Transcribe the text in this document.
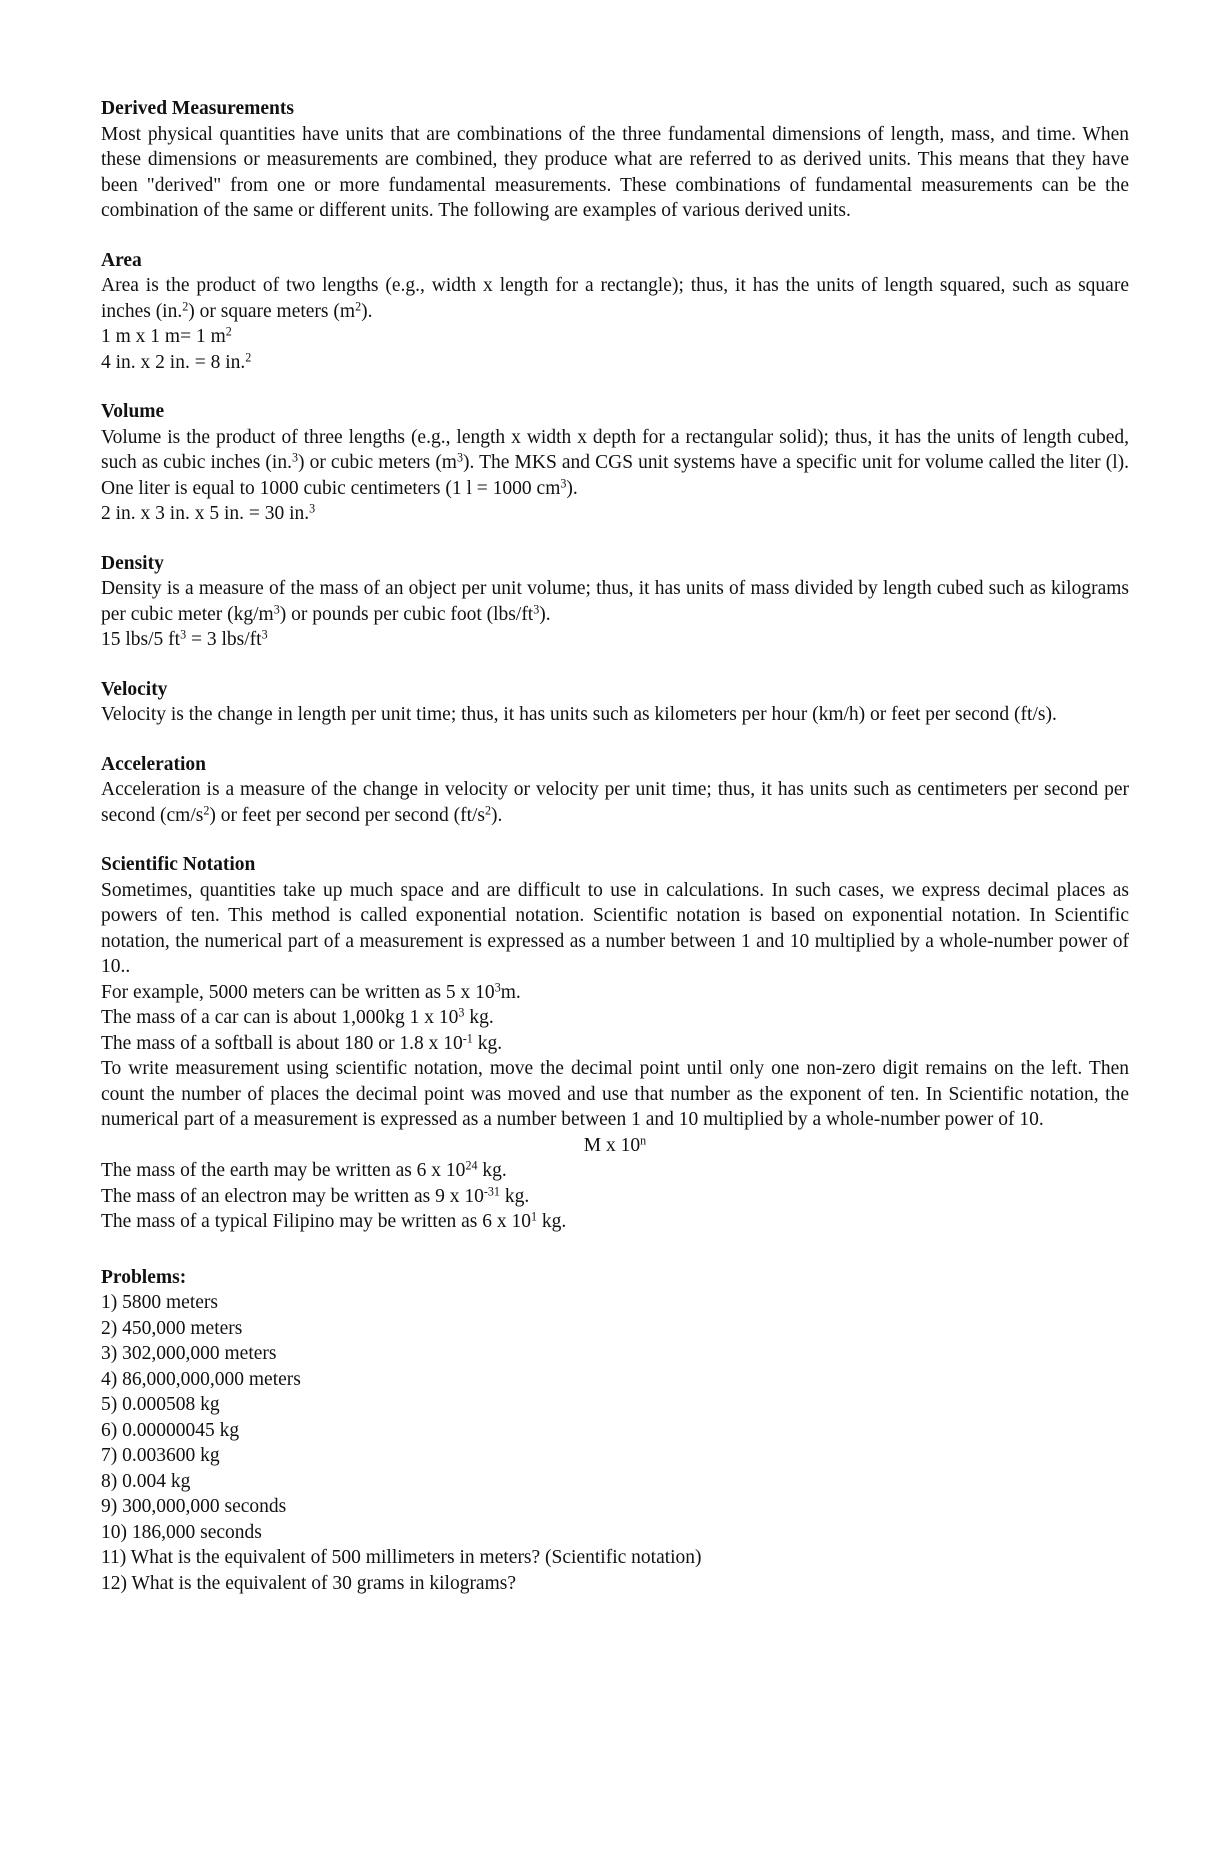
Derived Measurements

Most physical quantities have units that are combinations of the three fundamental dimensions of length, mass, and time. When these dimensions or measurements are combined, they produce what are referred to as derived units. This means that they have been "derived" from one or more fundamental measurements. These combinations of fundamental measurements can be the combination of the same or different units. The following are examples of various derived units.

Area

Area is the product of two lengths (e.g., width x length for a rectangle); thus, it has the units of length squared, such as square inches (in.$^2$) or square meters $(m^2)$.

1 m x 1 m= 1 $m^2$

4 in. x 2 in. = 8 in.$^2$

Volume

Volume is the product of three lengths (e.g., length x width x depth for a rectangular solid); thus, it has the units of length cubed, such as cubic inches (in.$^3$) or cubic meters $(m^3)$. The MKS and CGS unit systems have a specific unit for volume called the liter (l). One liter is equal to 1000 cubic centimeters (1 l = 1000 $cm^3$).

2 in. x 3 in. x 5 in. = 30 in.$^3$

Density

Density is a measure of the mass of an object per unit volume; thus, it has units of mass divided by length cubed such as kilograms per cubic meter $(kg/m^3)$ or pounds per cubic foot $(lbs/ft^3)$.

15 lbs/5 $ft^3 = 3$ lbs/$ft^3$

Velocity

Velocity is the change in length per unit time; thus, it has units such as kilometers per hour (km/h) or feet per second (ft/s).

Acceleration

Acceleration is a measure of the change in velocity or velocity per unit time; thus, it has units such as centimeters per second per second $(cm/s^2)$ or feet per second per second $(ft/s^2)$.

Scientific Notation

Sometimes, quantities take up much space and are difficult to use in calculations. In such cases, we express decimal places as powers of ten. This method is called exponential notation. Scientific notation is based on exponential notation. In Scientific notation, the numerical part of a measurement is expressed as a number between 1 and 10 multiplied by a whole-number power of 10..

For example, 5000 meters can be written as 5 x $10^3m$.

The mass of a car can is about 1,000kg 1 x $10^3$ kg.

The mass of a softball is about 180 or 1.8 x $10^{-1}$ kg.

To write measurement using scientific notation, move the decimal point until only one non-zero digit remains on the left. Then count the number of places the decimal point was moved and use that number as the exponent of ten. In Scientific notation, the numerical part of a measurement is expressed as a number between 1 and 10 multiplied by a whole-number power of 10.

M x 10$^n$

The mass of the earth may be written as 6 x $10^{24}$ kg.

The mass of an electron may be written as 9 x $10^{-31}$ kg.

The mass of a typical Filipino may be written as 6 x $10^1$ kg.

Problems:

1) 5800 meters
2) 450,000 meters
3) 302,000,000 meters
4) 86,000,000,000 meters
5) 0.000508 kg
6) 0.00000045 kg
7) 0.003600 kg
8) 0.004 kg
9) 300,000,000 seconds
10) 186,000 seconds
11) What is the equivalent of 500 millimeters in meters? (Scientific notation)
12) What is the equivalent of 30 grams in kilograms?
